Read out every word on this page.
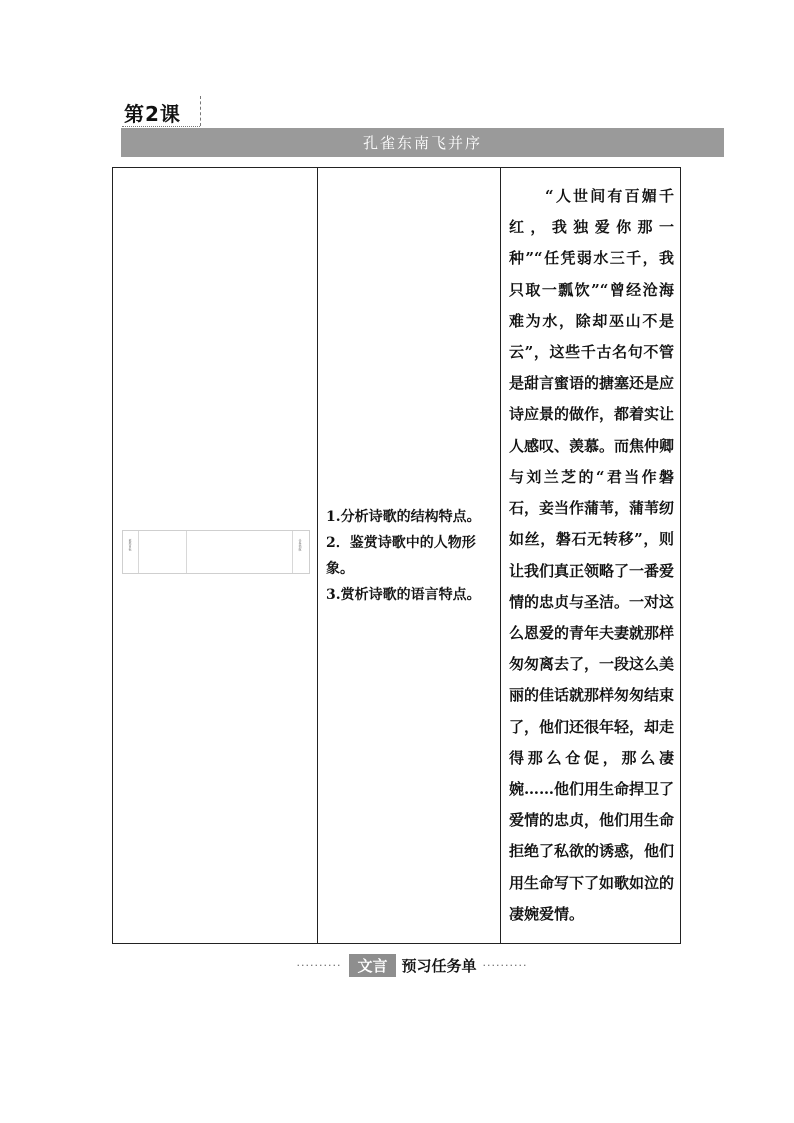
第2课
孔雀东南飞并序
素养目标	任务领航
1.分析诗歌的结构特点。
2．鉴赏诗歌中的人物形象。
3.赏析诗歌的语言特点。

“人世间有百媚千红，我独爱你那一种”“任凭弱水三千，我只取一瓢饮”“曾经沧海难为水，除却巫山不是云”，这些千古名句不管是甜言蜜语的搪塞还是应诗应景的做作，都着实让人感叹、羡慕。而焦仲卿与刘兰芝的“君当作磐石，妾当作蒲苇，蒲苇纫如丝，磐石无转移”，则让我们真正领略了一番爱情的忠贞与圣洁。一对这么恩爱的青年夫妻就那样匆匆离去了，一段这么美丽的佳话就那样匆匆结束了，他们还很年轻，却走得那么仓促，那么凄婉……他们用生命捍卫了爱情的忠贞，他们用生命拒绝了私欲的诱惑，他们用生命写下了如歌如泣的凄婉爱情。

··········	文言 预习任务单 ··········
